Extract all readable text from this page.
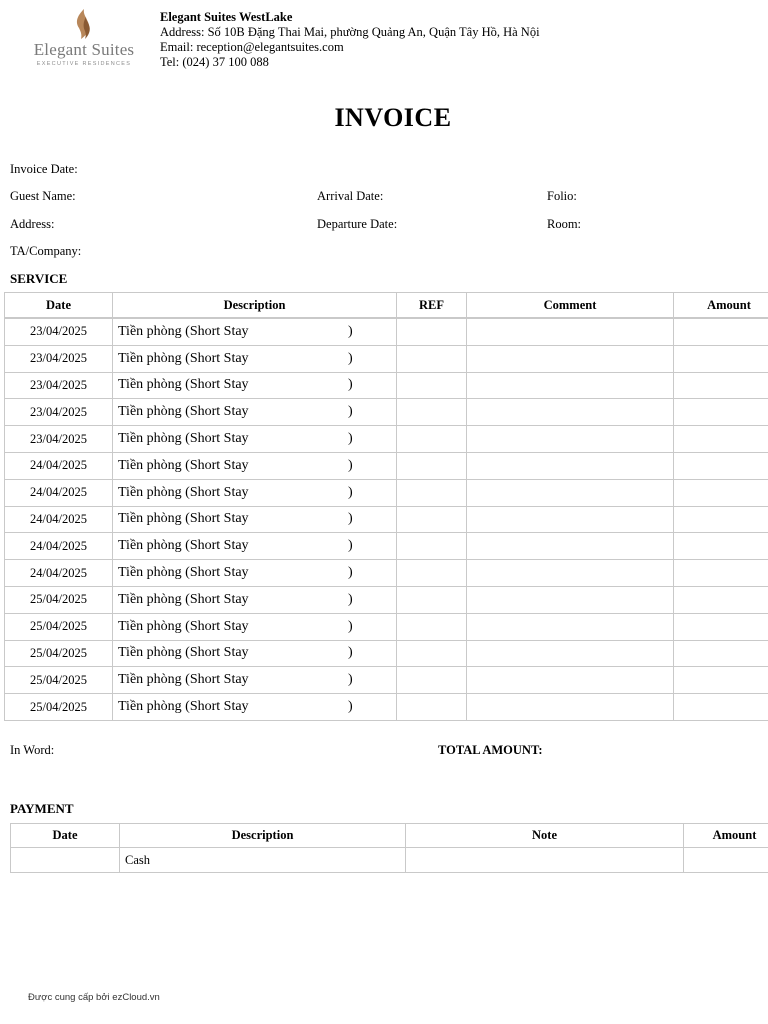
Elegant Suites
EXECUTIVE RESIDENCES
Elegant Suites WestLake
Address: Số 10B Đặng Thai Mai, phường Quảng An, Quận Tây Hồ, Hà Nội
Email: reception@elegantsuites.com
Tel: (024) 37 100 088
INVOICE
Invoice Date:
Guest Name:	Arrival Date:	Folio:
Address:	Departure Date:	Room:
TA/Company:
SERVICE
Date	Description	REF	Comment	Amount
23/04/2025	Tiền phòng (Short Stay )			

23/04/2025	Tiền phòng (Short Stay )			

23/04/2025	Tiền phòng (Short Stay )			

23/04/2025	Tiền phòng (Short Stay )			

23/04/2025	Tiền phòng (Short Stay )			

24/04/2025	Tiền phòng (Short Stay )			

24/04/2025	Tiền phòng (Short Stay )			

24/04/2025	Tiền phòng (Short Stay )			

24/04/2025	Tiền phòng (Short Stay )			

24/04/2025	Tiền phòng (Short Stay )			

25/04/2025	Tiền phòng (Short Stay )			

25/04/2025	Tiền phòng (Short Stay )			

25/04/2025	Tiền phòng (Short Stay )			

25/04/2025	Tiền phòng (Short Stay )			

25/04/2025	Tiền phòng (Short Stay )			

In Word:	TOTAL AMOUNT:
PAYMENT
Date	Description	Note	Amount
	Cash		
Được cung cấp bởi ezCloud.vn
